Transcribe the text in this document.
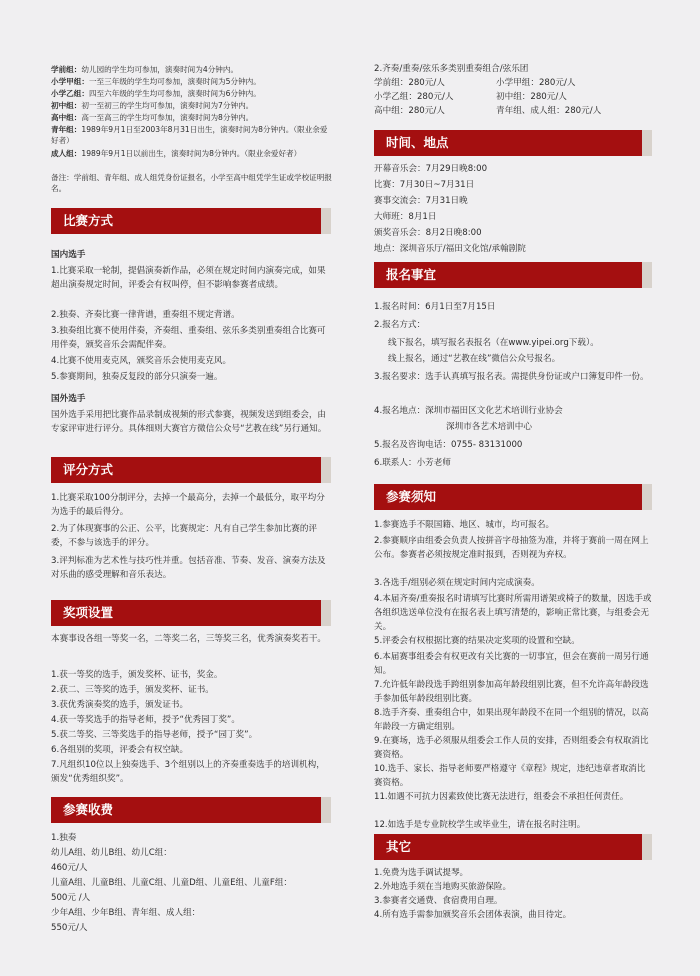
学前组：幼儿园的学生均可参加，演奏时间为4分钟内。
小学甲组：一至三年级的学生均可参加，演奏时间为5分钟内。
小学乙组：四至六年级的学生均可参加，演奏时间为6分钟内。
初中组：初一至初三的学生均可参加，演奏时间为7分钟内。
高中组：高一至高三的学生均可参加，演奏时间为8分钟内。
青年组：1989年9月1日至2003年8月31日出生，演奏时间为8分钟内。（限业余爱好者）
成人组：1989年9月1日以前出生，演奏时间为8分钟内。（限业余爱好者）
备注：学前组、青年组、成人组凭身份证报名，小学至高中组凭学生证或学校证明报名。
比赛方式
国内选手
1.比赛采取一轮制，提倡演奏新作品，必须在规定时间内演奏完成，如果超出演奏规定时间，评委会有权叫停，但不影响参赛者成绩。
2.独奏、齐奏比赛一律背谱，重奏组不规定背谱。
3.独奏组比赛不使用伴奏，齐奏组、重奏组、弦乐多类别重奏组合比赛可用伴奏，颁奖音乐会需配伴奏。
4.比赛不使用麦克风，颁奖音乐会使用麦克风。
5.参赛期间，独奏反复段的部分只演奏一遍。
国外选手
国外选手采用把比赛作品录制成视频的形式参赛，视频发送到组委会，由专家评审进行评分。具体细则大赛官方微信公众号“艺教在线”另行通知。
评分方式
1.比赛采取100分制评分，去掉一个最高分，去掉一个最低分，取平均分为选手的最后得分。
2.为了体现赛事的公正、公平，比赛规定：凡有自己学生参加比赛的评委，不参与该选手的评分。
3.评判标准为艺术性与技巧性并重。包括音准、节奏、发音、演奏方法及对乐曲的感受理解和音乐表达。
奖项设置
本赛事设各组一等奖一名，二等奖二名，三等奖三名，优秀演奏奖若干。
1.获一等奖的选手，颁发奖杯、证书，奖金。
2.获二、三等奖的选手，颁发奖杯、证书。
3.获优秀演奏奖的选手，颁发证书。
4.获一等奖选手的指导老师，授予“优秀园丁奖”。
5.获二等奖、三等奖选手的指导老师，授予“园丁奖”。
6.各组别的奖项，评委会有权空缺。
7.凡组织10位以上独奏选手、3个组别以上的齐奏重奏选手的培训机构，颁发“优秀组织奖”。
参赛收费
1.独奏
幼儿A组、幼儿B组、幼儿C组：
460元/人
儿童A组、儿童B组、儿童C组、儿童D组、儿童E组、儿童F组：
500元 /人
少年A组、少年B组、青年组、成人组：
550元/人
2.齐奏/重奏/弦乐多类别重奏组合/弦乐团
学前组：280元/人	小学甲组：280元/人
小学乙组：280元/人	初中组：280元/人
高中组：280元/人	青年组、成人组：280元/人
时间、地点
开幕音乐会：7月29日晚8:00
比赛：7月30日~7月31日
赛事交流会：7月31日晚
大师班：8月1日
颁奖音乐会：8月2日晚8:00
地点：深圳音乐厅/福田文化馆/承翰剧院
报名事宜
1.报名时间：6月1日至7月15日
2.报名方式：
线下报名，填写报名表报名（在www.yipei.org下载）。
线上报名，通过“艺教在线”微信公众号报名。
3.报名要求：选手认真填写报名表。需提供身份证或户口簿复印件一份。
4.报名地点：深圳市福田区文化艺术培训行业协会
深圳市各艺术培训中心
5.报名及咨询电话：0755- 83131000
6.联系人：小芳老师
参赛须知
1.参赛选手不限国籍、地区、城市，均可报名。
2.参赛顺序由组委会负责人按拼音字母抽签为准，并将于赛前一周在网上公布。参赛者必须按规定准时报到，否则视为弃权。
3.各选手/组别必须在规定时间内完成演奏。
4.本届齐奏/重奏报名时请填写比赛时所需用谱架或椅子的数量，因选手或各组织选送单位没有在报名表上填写清楚的，影响正常比赛，与组委会无关。
5.评委会有权根据比赛的结果决定奖项的设置和空缺。
6.本届赛事组委会有权更改有关比赛的一切事宜，但会在赛前一周另行通知。
7.允许低年龄段选手跨组别参加高年龄段组别比赛，但不允许高年龄段选手参加低年龄段组别比赛。
8.选手齐奏、重奏组合中，如果出现年龄段不在同一个组别的情况，以高年龄段一方确定组别。
9.在赛场，选手必须服从组委会工作人员的安排，否则组委会有权取消比赛资格。
10.选手、家长、指导老师要严格遵守《章程》规定，违纪违章者取消比赛资格。
11.如遇不可抗力因素致使比赛无法进行，组委会不承担任何责任。
12.如选手是专业院校学生或毕业生，请在报名时注明。
其它
1.免费为选手调试提琴。
2.外地选手须在当地购买旅游保险。
3.参赛者交通费、食宿费用自理。
4.所有选手需参加颁奖音乐会团体表演，曲目待定。
